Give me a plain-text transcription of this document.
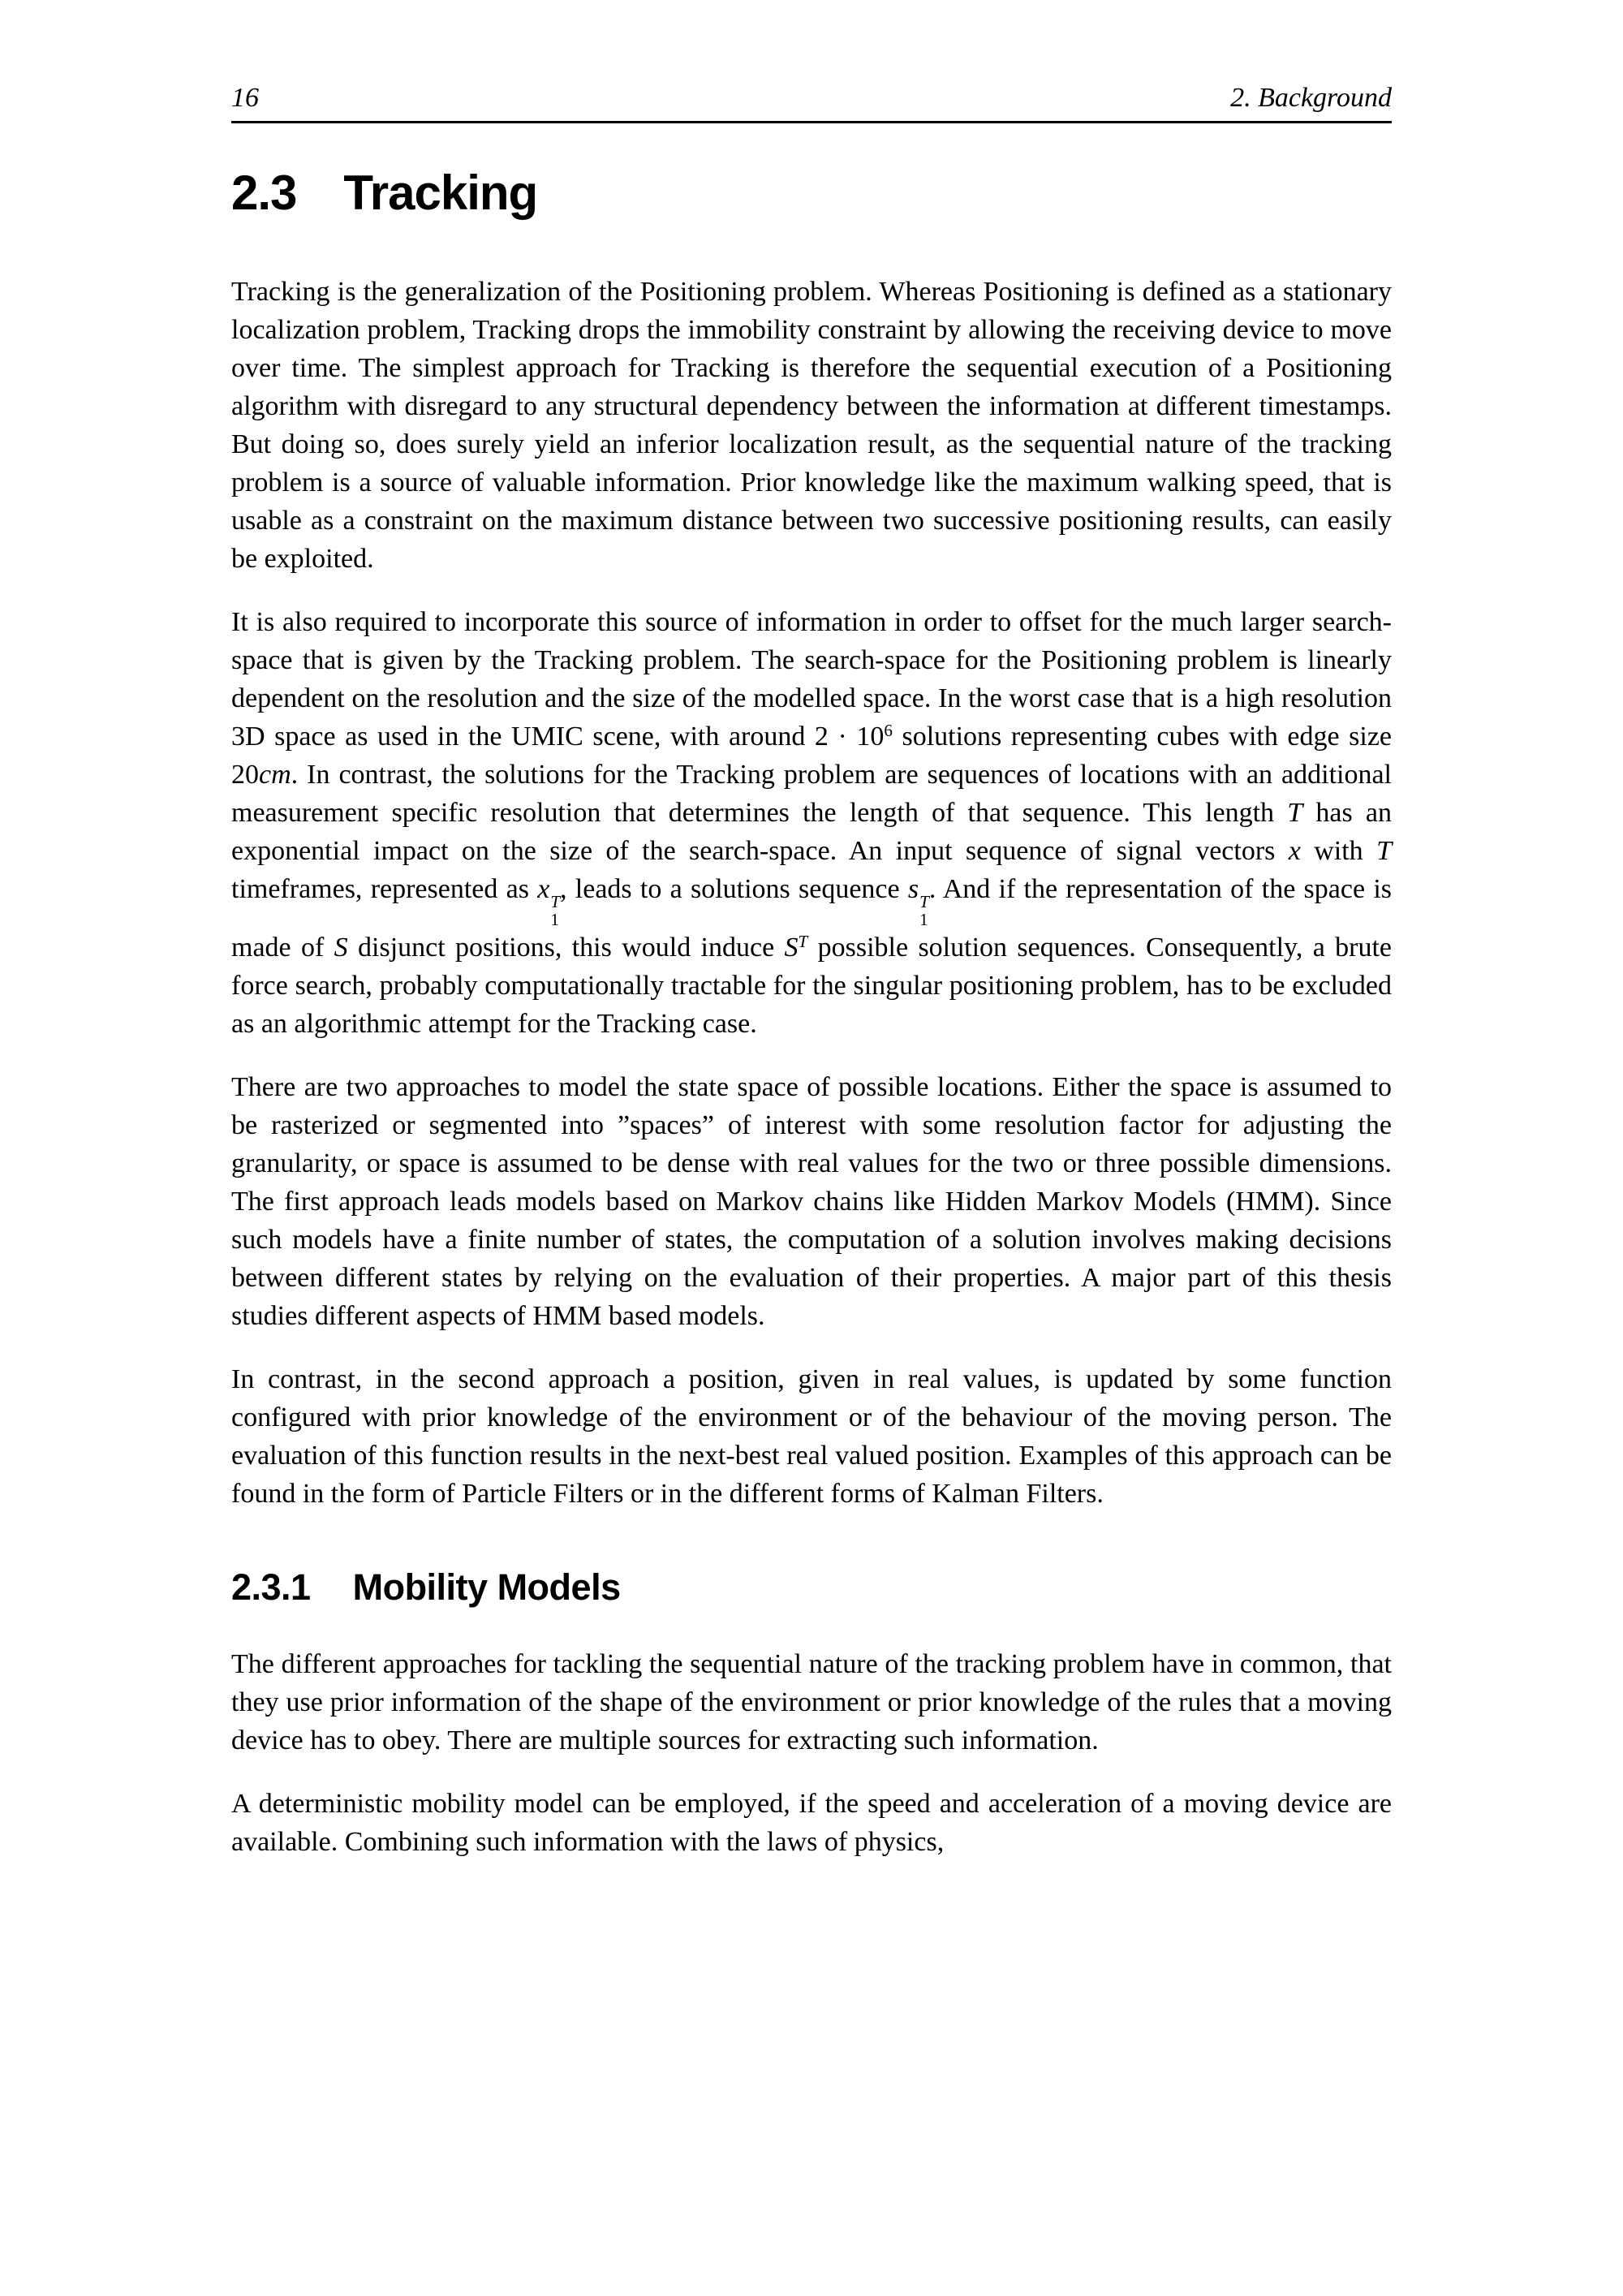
16	2. Background
2.3 Tracking

Tracking is the generalization of the Positioning problem. Whereas Positioning is defined as a stationary localization problem, Tracking drops the immobility constraint by allowing the receiving device to move over time. The simplest approach for Tracking is therefore the sequential execution of a Positioning algorithm with disregard to any structural dependency between the information at different timestamps. But doing so, does surely yield an inferior localization result, as the sequential nature of the tracking problem is a source of valuable information. Prior knowledge like the maximum walking speed, that is usable as a constraint on the maximum distance between two successive positioning results, can easily be exploited.

It is also required to incorporate this source of information in order to offset for the much larger search-space that is given by the Tracking problem. The search-space for the Positioning problem is linearly dependent on the resolution and the size of the modelled space. In the worst case that is a high resolution 3D space as used in the UMIC scene, with around $2 \cdot 10^6$ solutions representing cubes with edge size 20cm. In contrast, the solutions for the Tracking problem are sequences of locations with an additional measurement specific resolution that determines the length of that sequence. This length T has an exponential impact on the size of the search-space. An input sequence of signal vectors x with T timeframes, represented as x T
1
, leads to a solutions sequence s T
1
. And if the representation of the space is made of S disjunct positions, this would induce $S^T$ possible solution sequences. Consequently, a brute force search, probably computationally tractable for the singular positioning problem, has to be excluded as an algorithmic attempt for the Tracking case.

There are two approaches to model the state space of possible locations. Either the space is assumed to be rasterized or segmented into ”spaces” of interest with some resolution factor for adjusting the granularity, or space is assumed to be dense with real values for the two or three possible dimensions. The first approach leads models based on Markov chains like Hidden Markov Models (HMM). Since such models have a finite number of states, the computation of a solution involves making decisions between different states by relying on the evaluation of their properties. A major part of this thesis studies different aspects of HMM based models.

In contrast, in the second approach a position, given in real values, is updated by some function configured with prior knowledge of the environment or of the behaviour of the moving person. The evaluation of this function results in the next-best real valued position. Examples of this approach can be found in the form of Particle Filters or in the different forms of Kalman Filters.

2.3.1 Mobility Models

The different approaches for tackling the sequential nature of the tracking problem have in common, that they use prior information of the shape of the environment or prior knowledge of the rules that a moving device has to obey. There are multiple sources for extracting such information.

A deterministic mobility model can be employed, if the speed and acceleration of a moving device are available. Combining such information with the laws of physics,
